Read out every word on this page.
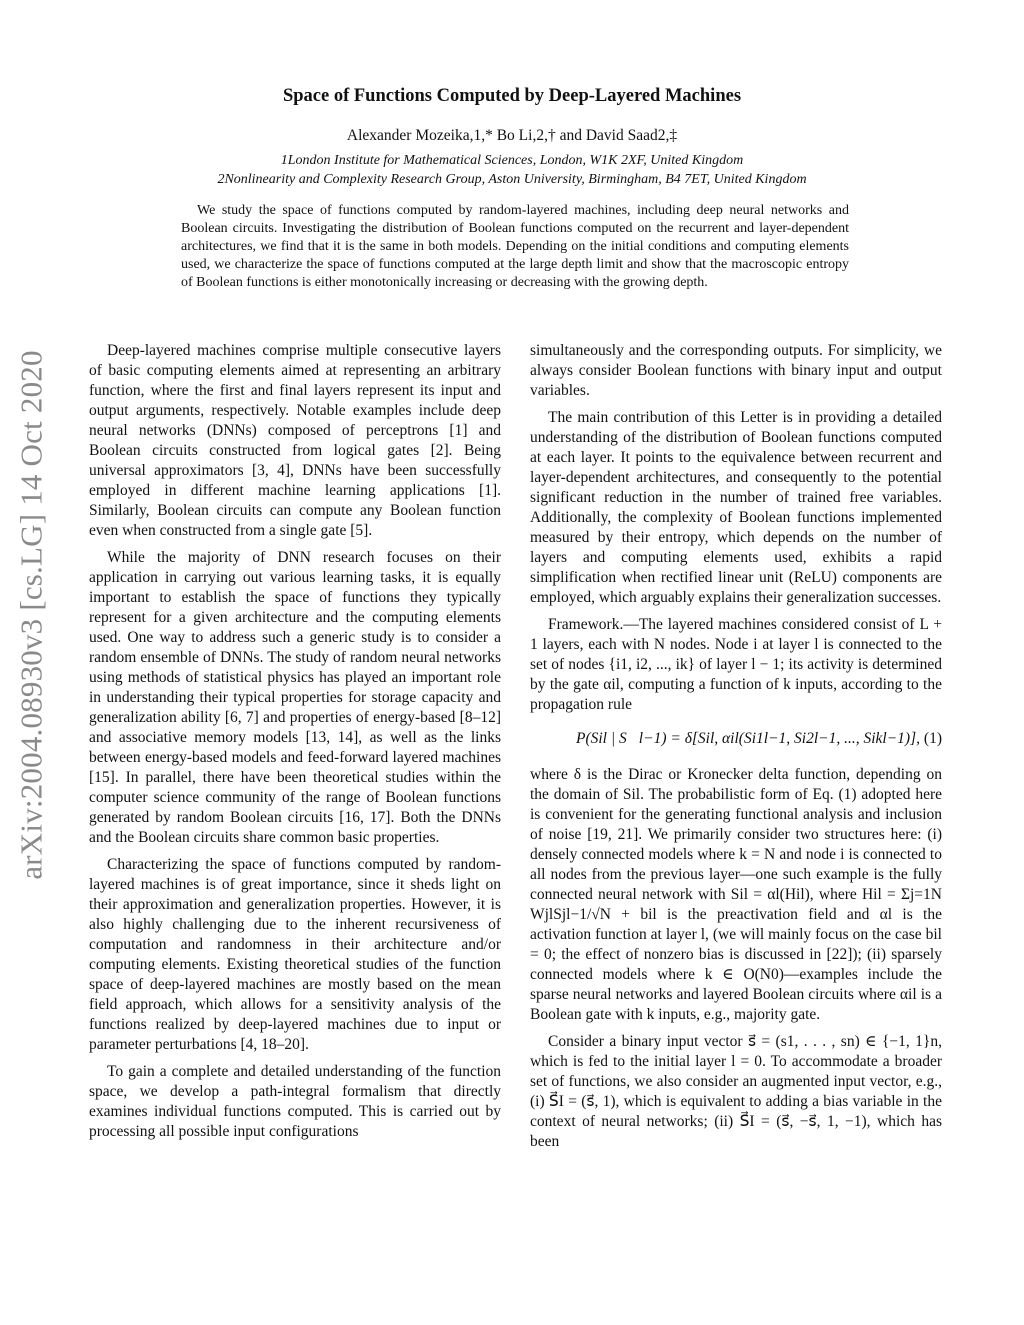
arXiv:2004.08930v3 [cs.LG] 14 Oct 2020
Space of Functions Computed by Deep-Layered Machines
Alexander Mozeika,1,* Bo Li,2,† and David Saad2,‡
1London Institute for Mathematical Sciences, London, W1K 2XF, United Kingdom
2Nonlinearity and Complexity Research Group, Aston University, Birmingham, B4 7ET, United Kingdom
We study the space of functions computed by random-layered machines, including deep neural networks and Boolean circuits. Investigating the distribution of Boolean functions computed on the recurrent and layer-dependent architectures, we find that it is the same in both models. Depending on the initial conditions and computing elements used, we characterize the space of functions computed at the large depth limit and show that the macroscopic entropy of Boolean functions is either monotonically increasing or decreasing with the growing depth.

Deep-layered machines comprise multiple consecutive layers of basic computing elements aimed at representing an arbitrary function, where the first and final layers represent its input and output arguments, respectively. Notable examples include deep neural networks (DNNs) composed of perceptrons [1] and Boolean circuits constructed from logical gates [2]. Being universal approximators [3, 4], DNNs have been successfully employed in different machine learning applications [1]. Similarly, Boolean circuits can compute any Boolean function even when constructed from a single gate [5].

While the majority of DNN research focuses on their application in carrying out various learning tasks, it is equally important to establish the space of functions they typically represent for a given architecture and the computing elements used. One way to address such a generic study is to consider a random ensemble of DNNs. The study of random neural networks using methods of statistical physics has played an important role in understanding their typical properties for storage capacity and generalization ability [6, 7] and properties of energy-based [8–12] and associative memory models [13, 14], as well as the links between energy-based models and feed-forward layered machines [15]. In parallel, there have been theoretical studies within the computer science community of the range of Boolean functions generated by random Boolean circuits [16, 17]. Both the DNNs and the Boolean circuits share common basic properties.

Characterizing the space of functions computed by random-layered machines is of great importance, since it sheds light on their approximation and generalization properties. However, it is also highly challenging due to the inherent recursiveness of computation and randomness in their architecture and/or computing elements. Existing theoretical studies of the function space of deep-layered machines are mostly based on the mean field approach, which allows for a sensitivity analysis of the functions realized by deep-layered machines due to input or parameter perturbations [4, 18–20].

To gain a complete and detailed understanding of the function space, we develop a path-integral formalism that directly examines individual functions computed. This is carried out by processing all possible input configurations

simultaneously and the corresponding outputs. For simplicity, we always consider Boolean functions with binary input and output variables.

The main contribution of this Letter is in providing a detailed understanding of the distribution of Boolean functions computed at each layer. It points to the equivalence between recurrent and layer-dependent architectures, and consequently to the potential significant reduction in the number of trained free variables. Additionally, the complexity of Boolean functions implemented measured by their entropy, which depends on the number of layers and computing elements used, exhibits a rapid simplification when rectified linear unit (ReLU) components are employed, which arguably explains their generalization successes.

Framework.—The layered machines considered consist of L + 1 layers, each with N nodes. Node i at layer l is connected to the set of nodes {i1, i2, ..., ik} of layer l − 1; its activity is determined by the gate αil, computing a function of k inputs, according to the propagation rule

P(Sil | S⃗l−1) = δ[Sil, αil(Si1l−1, Si2l−1, ..., Sikl−1)], (1)

where δ is the Dirac or Kronecker delta function, depending on the domain of Sil. The probabilistic form of Eq. (1) adopted here is convenient for the generating functional analysis and inclusion of noise [19, 21]. We primarily consider two structures here: (i) densely connected models where k = N and node i is connected to all nodes from the previous layer—one such example is the fully connected neural network with Sil = αl(Hil), where Hil = Σj=1N WjlSjl−1/√N + bil is the preactivation field and αl is the activation function at layer l, (we will mainly focus on the case bil = 0; the effect of nonzero bias is discussed in [22]); (ii) sparsely connected models where k ∈ O(N0)—examples include the sparse neural networks and layered Boolean circuits where αil is a Boolean gate with k inputs, e.g., majority gate.

Consider a binary input vector s⃗ = (s1, . . . , sn) ∈ {−1, 1}n, which is fed to the initial layer l = 0. To accommodate a broader set of functions, we also consider an augmented input vector, e.g., (i) S⃗I = (s⃗, 1), which is equivalent to adding a bias variable in the context of neural networks; (ii) S⃗I = (s⃗, −s⃗, 1, −1), which has been
